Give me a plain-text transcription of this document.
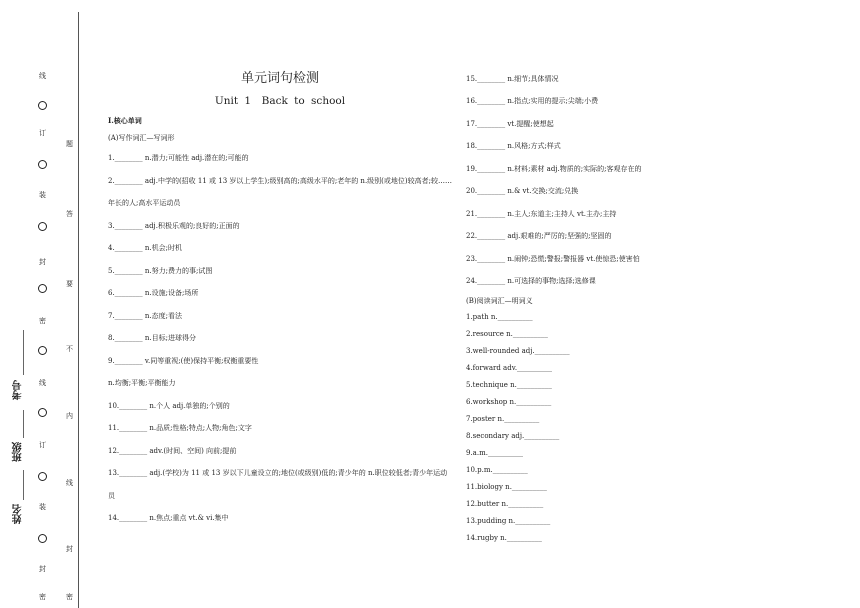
线
订
装
封
密
线
订
装
封
密
题
答
要
不
内
线
封
密
考号
班级
姓名
单元词句检测
Unit 1　Back to school
Ⅰ.核心单词
(A)写作词汇—写词形
1.________ n.潜力;可能性 adj.潜在的;可能的
2.________ adj.中学的(招收 11 或 13 岁以上学生);级别高的;高级水平的;老年的 n.级别(或地位)较高者;较……
年长的人;高水平运动员
3.________ adj.积极乐观的;良好的;正面的
4.________ n.机会;时机
5.________ n.努力;费力的事;试图
6.________ n.设施;设备;场所
7.________ n.态度;看法
8.________ n.目标;进球得分
9.________ v.同等重视;(使)保持平衡;权衡重要性
n.均衡;平衡;平衡能力
10.________ n.个人 adj.单独的;个别的
11.________ n.品质;性格;特点;人物;角色;文字
12.________ adv.(时间、空间) 向前;提前
13.________ adj.(学校)为 11 或 13 岁以下儿童设立的;地位(或级别)低的;青少年的 n.职位较低者;青少年运动
员
14.________ n.焦点;重点 vt.& vi.集中
15.________ n.细节;具体情况
16.________ n.指点;实用的提示;尖端;小费
17.________ vt.提醒;使想起
18.________ n.风格;方式;样式
19.________ n.材料;素材 adj.物质的;实际的;客观存在的
20.________ n.& vt.交换;交流;兑换
21.________ n.主人;东道主;主持人 vt.主办;主持
22.________ adj.艰难的;严厉的;坚强的;坚固的
23.________ n.闹钟;恐慌;警报;警报器 vt.使惊恐;使害怕
24.________ n.可选择的事物;选择;选修课
(B)阅读词汇—明词义
1.path n.__________
2.resource n.__________
3.well-rounded adj.__________
4.forward adv.__________
5.technique n.__________
6.workshop n.__________
7.poster n.__________
8.secondary adj.__________
9.a.m.__________
10.p.m.__________
11.biology n.__________
12.butter n.__________
13.pudding n.__________
14.rugby n.__________
